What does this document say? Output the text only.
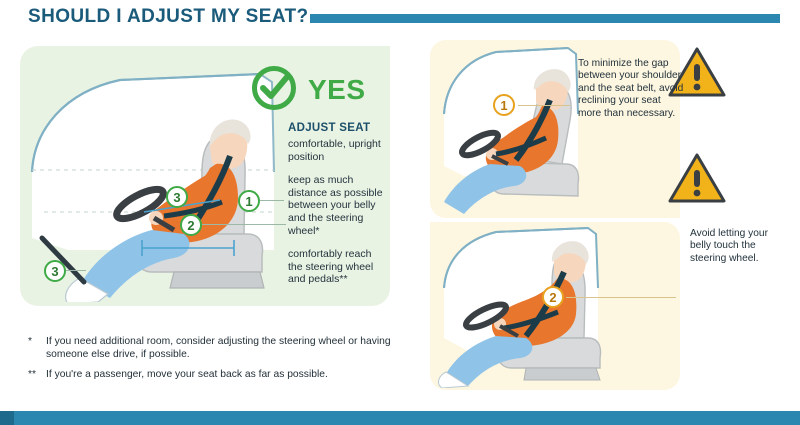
SHOULD I ADJUST MY SEAT?
3
2
1
3
YES
ADJUST SEAT

comfortable, upright position

keep as much distance as possible between your belly and the steering wheel*

comfortably reach the steering wheel and pedals**

1
2
To minimize the gap between your shoulder and the seat belt, avoid reclining your seat more than necessary.
Avoid letting your belly touch the steering wheel.
*	If you need additional room, consider adjusting the steering wheel or having someone else drive, if possible.
** If you're a passenger, move your seat back as far as possible.
